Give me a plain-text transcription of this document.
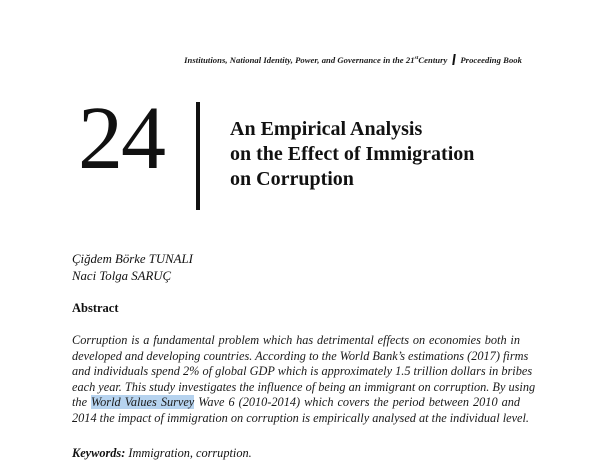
Institutions, National Identity, Power, and Governance in the 21stCentury Proceeding Book
24	An Empirical Analysis
on the Effect of Immigration
on Corruption
Çiğdem Börke TUNALI
Naci Tolga SARUÇ
Abstract
Corruption is a fundamental problem which has detrimental effects on economies both in
developed and developing countries. According to the World Bank’s estimations (2017) firms
and individuals spend 2% of global GDP which is approximately 1.5 trillion dollars in bribes
each year. This study investigates the influence of being an immigrant on corruption. By using
the World Values Survey Wave 6 (2010-2014) which covers the period between 2010 and
2014 the impact of immigration on corruption is empirically analysed at the individual level.
Keywords: Immigration, corruption.
